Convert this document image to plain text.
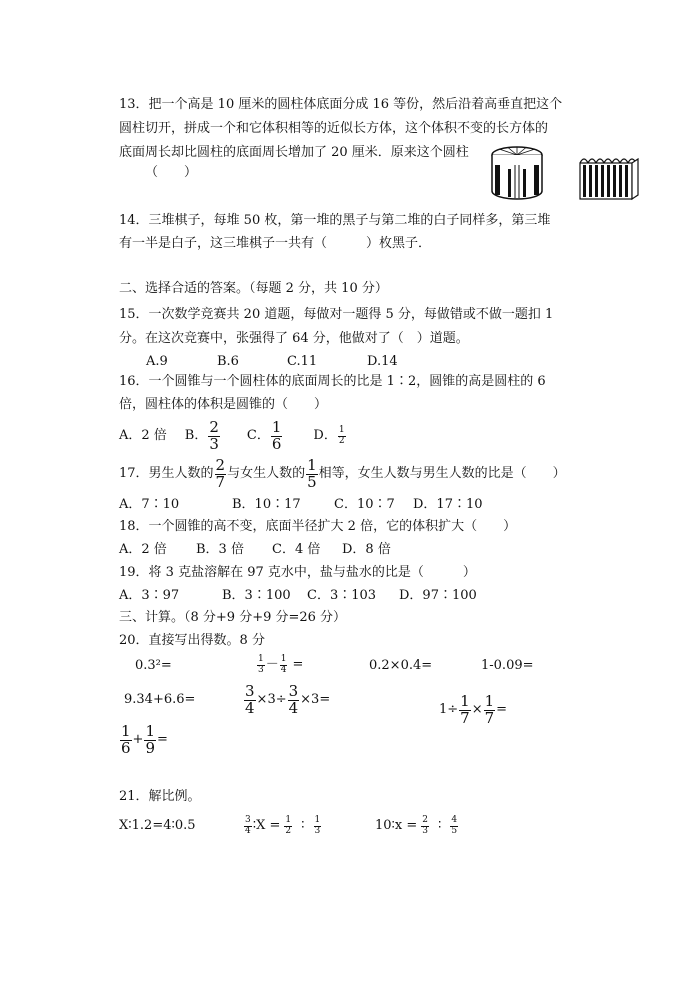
13．把一个高是 10 厘米的圆柱体底面分成 16 等份，然后沿着高垂直把这个
圆柱切开，拼成一个和它体积相等的近似长方体，这个体积不变的长方体的
底面周长却比圆柱的底面周长增加了 20 厘米．原来这个圆柱
（　　）
14．三堆棋子，每堆 50 枚，第一堆的黑子与第二堆的白子同样多，第三堆
有一半是白子，这三堆棋子一共有（　　　）枚黑子．
二、选择合适的答案。（每题 2 分，共 10 分）
15．一次数学竞赛共 20 道题，每做对一题得 5 分，每做错或不做一题扣 1
分。在这次竞赛中，张强得了 64 分，他做对了（　）道题。
A.9	B.6	C.11	D.14
16．一个圆锥与一个圆柱体的底面周长的比是 1∶2，圆锥的高是圆柱的 6
倍，圆柱体的体积是圆锥的（　　）
A．2 倍 B． $\frac{2}{3}$ C． $\frac{1}{6}$ D． $\frac{1}{2}$
17．男生人数的 $\frac{2}{7}$ 与女生人数的 $\frac{1}{5}$ 相等，女生人数与男生人数的比是（　　）
A．7∶10	B．10∶17	C．10∶7 D．17∶10
18．一个圆锥的高不变，底面半径扩大 2 倍，它的体积扩大（　　）
A．2 倍 B．3 倍 C．4 倍 D．8 倍
19．将 3 克盐溶解在 97 克水中，盐与盐水的比是（　　　）
A．3∶97	B．3∶100 C．3∶103 D．97∶100
三、计算。（8 分+9 分+9 分=26 分）
20．直接写出得数。8 分
0.3²=	$\frac{1}{3} - \frac{1}{4}$ =	0.2×0.4=	1-0.09=
9.34+6.6=	$\frac{3}{4} \times 3\div \frac{3}{4} \times 3=$
$1\div \frac{1}{7} \times \frac{1}{7}$ =
$\frac{1}{6} + \frac{1}{9}$ =
21．解比例。
X∶1.2=4∶0.5	$\frac{3}{4}$ ∶X = $\frac{1}{2}$ ∶ $\frac{1}{3}$	10∶x = $\frac{2}{3}$ ∶ $\frac{4}{5}$
